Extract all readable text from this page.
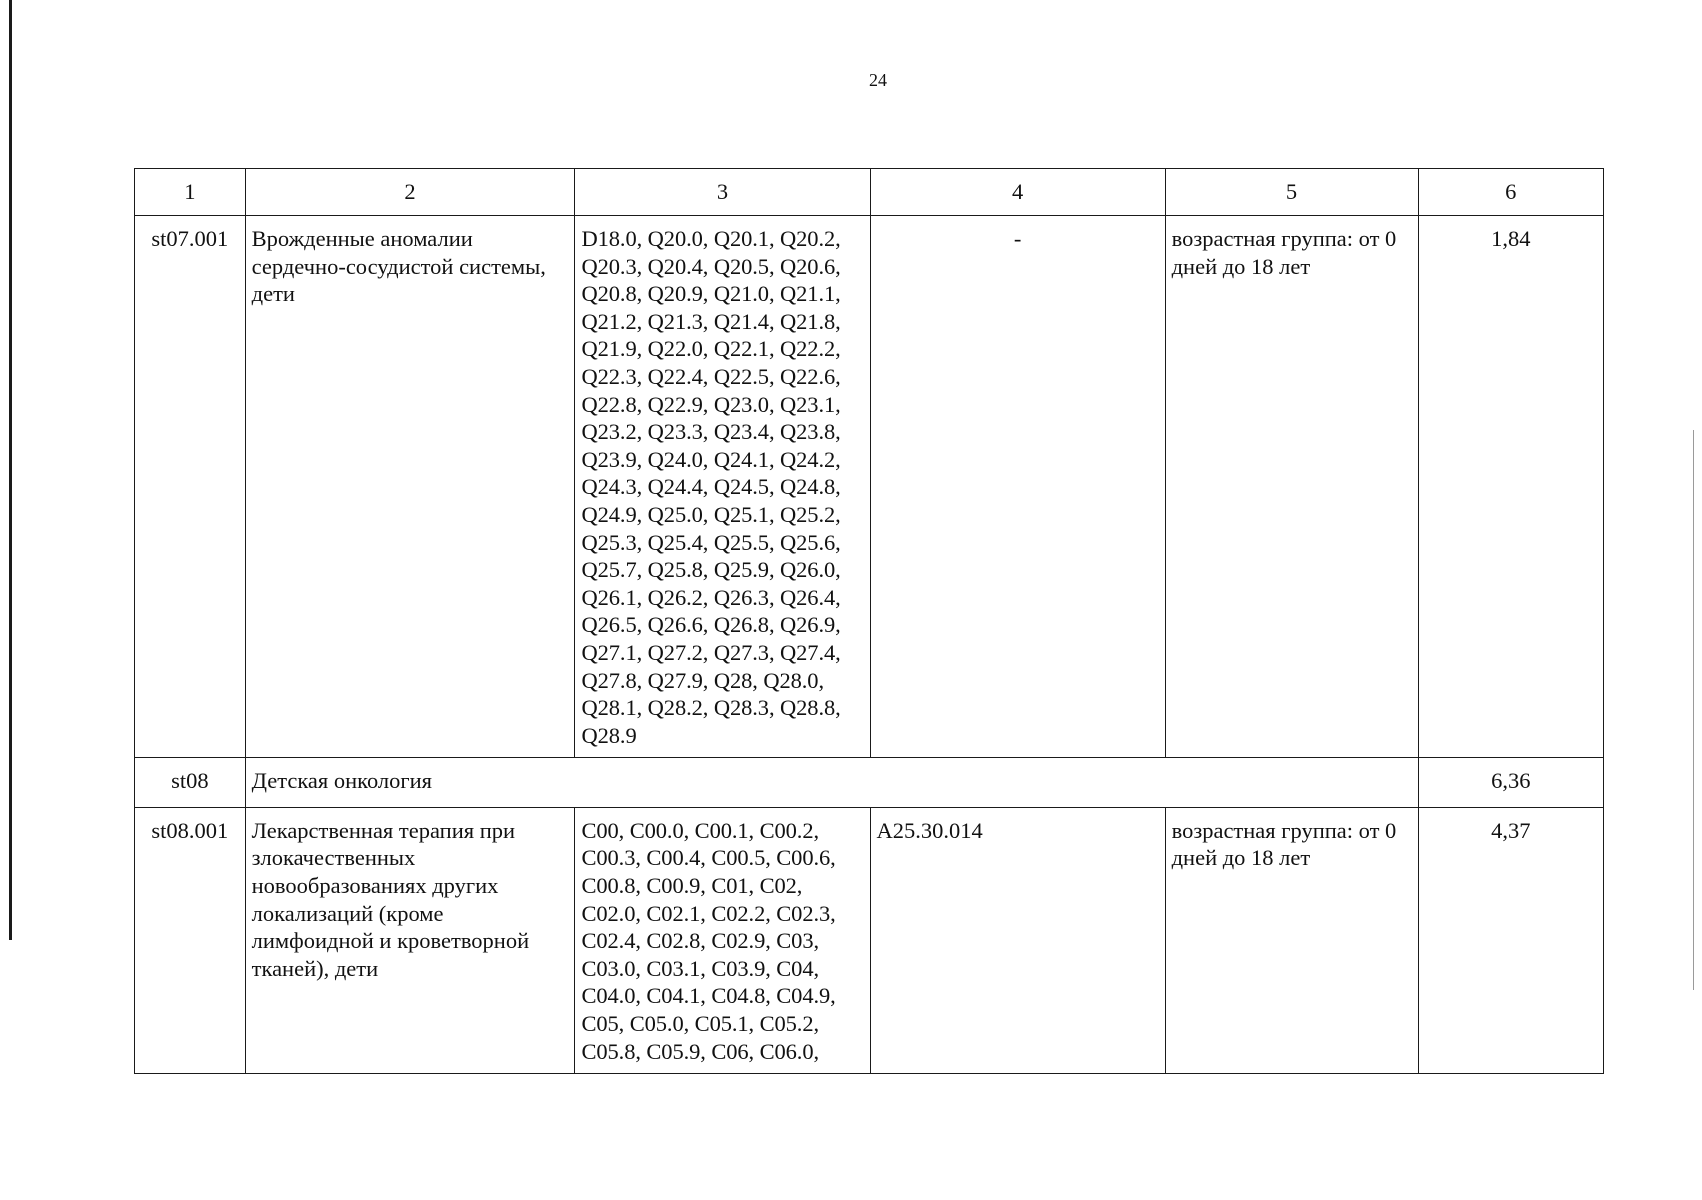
24
1	2	3	4	5	6
st07.001	Врожденные аномалии сердечно-сосудистой системы, дети	D18.0, Q20.0, Q20.1, Q20.2, Q20.3, Q20.4, Q20.5, Q20.6, Q20.8, Q20.9, Q21.0, Q21.1, Q21.2, Q21.3, Q21.4, Q21.8, Q21.9, Q22.0, Q22.1, Q22.2, Q22.3, Q22.4, Q22.5, Q22.6, Q22.8, Q22.9, Q23.0, Q23.1, Q23.2, Q23.3, Q23.4, Q23.8, Q23.9, Q24.0, Q24.1, Q24.2, Q24.3, Q24.4, Q24.5, Q24.8, Q24.9, Q25.0, Q25.1, Q25.2, Q25.3, Q25.4, Q25.5, Q25.6, Q25.7, Q25.8, Q25.9, Q26.0, Q26.1, Q26.2, Q26.3, Q26.4, Q26.5, Q26.6, Q26.8, Q26.9, Q27.1, Q27.2, Q27.3, Q27.4, Q27.8, Q27.9, Q28, Q28.0, Q28.1, Q28.2, Q28.3, Q28.8, Q28.9	-	возрастная группа: от 0 дней до 18 лет	1,84
st08	Детская онкология				6,36
st08.001	Лекарственная терапия при злокачественных новообразованиях других локализаций (кроме лимфоидной и кроветворной тканей), дети	C00, C00.0, C00.1, C00.2, C00.3, C00.4, C00.5, C00.6, C00.8, C00.9, C01, C02, C02.0, C02.1, C02.2, C02.3, C02.4, C02.8, C02.9, C03, C03.0, C03.1, C03.9, C04, C04.0, C04.1, C04.8, C04.9, C05, C05.0, C05.1, C05.2, C05.8, C05.9, C06, C06.0,	A25.30.014	возрастная группа: от 0 дней до 18 лет	4,37
